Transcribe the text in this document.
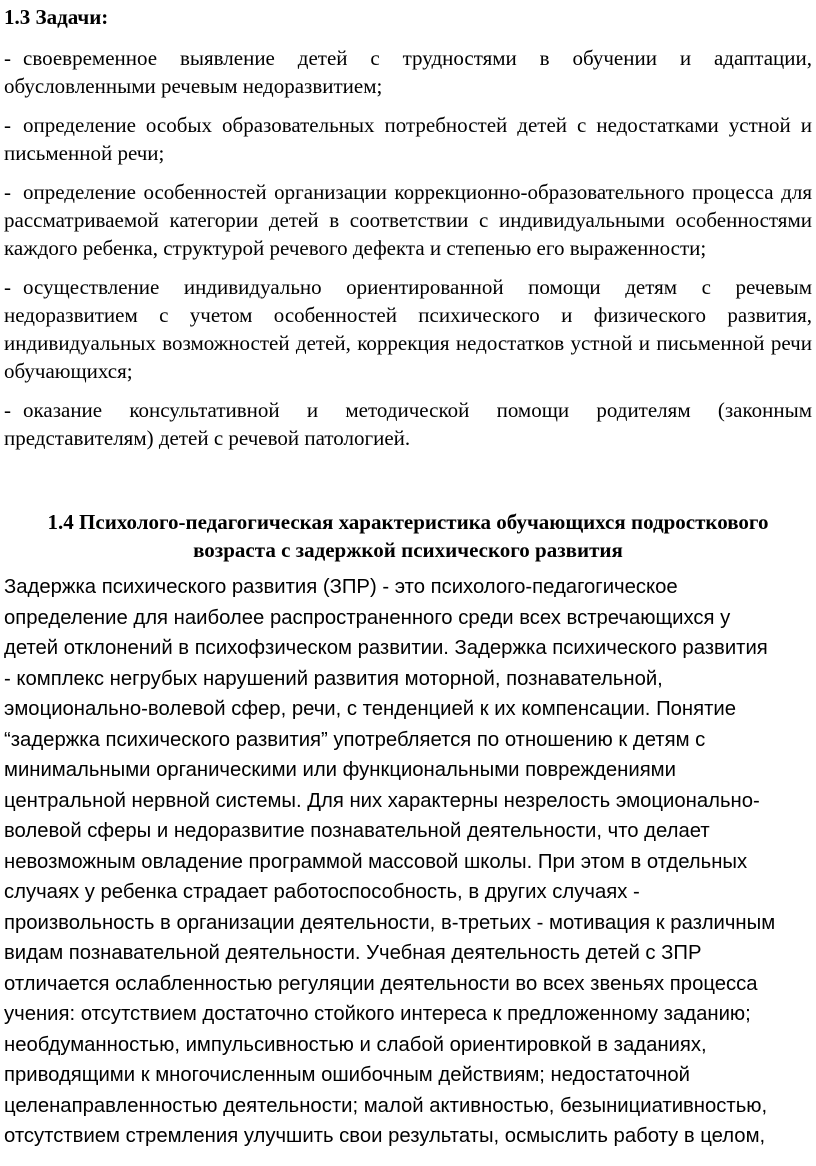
1.3 Задачи:
- своевременное выявление детей с трудностями в обучении и адаптации, обусловленными речевым недоразвитием;
- определение особых образовательных потребностей детей с недостатками устной и письменной речи;
- определение особенностей организации коррекционно-образовательного процесса для рассматриваемой категории детей в соответствии с индивидуальными особенностями каждого ребенка, структурой речевого дефекта и степенью его выраженности;
- осуществление индивидуально ориентированной помощи детям с речевым недоразвитием с учетом особенностей психического и физического развития, индивидуальных возможностей детей, коррекция недостатков устной и письменной речи обучающихся;
- оказание консультативной и методической помощи родителям (законным представителям) детей с речевой патологией.
1.4 Психолого-педагогическая характеристика обучающихся подросткового возраста с задержкой психического развития
Задержка психического развития (ЗПР) - это психолого-педагогическое
определение для наиболее распространенного среди всех встречающихся у
детей отклонений в психофзическом развитии. Задержка психического развития
- комплекс негрубых нарушений развития моторной, познавательной,
эмоционально-волевой сфер, речи, с тенденцией к их компенсации. Понятие
“задержка психического развития” употребляется по отношению к детям с
минимальными органическими или функциональными повреждениями
центральной нервной системы. Для них характерны незрелость эмоционально-
волевой сферы и недоразвитие познавательной деятельности, что делает
невозможным овладение программой массовой школы. При этом в отдельных
случаях у ребенка страдает работоспособность, в других случаях -
произвольность в организации деятельности, в-третьих - мотивация к различным
видам познавательной деятельности. Учебная деятельность детей с ЗПР
отличается ослабленностью регуляции деятельности во всех звеньях процесса
учения: отсутствием достаточно стойкого интереса к предложенному заданию;
необдуманностью, импульсивностью и слабой ориентировкой в заданиях,
приводящими к многочисленным ошибочным действиям; недостаточной
целенаправленностью деятельности; малой активностью, безынициативностью,
отсутствием стремления улучшить свои результаты, осмыслить работу в целом,
